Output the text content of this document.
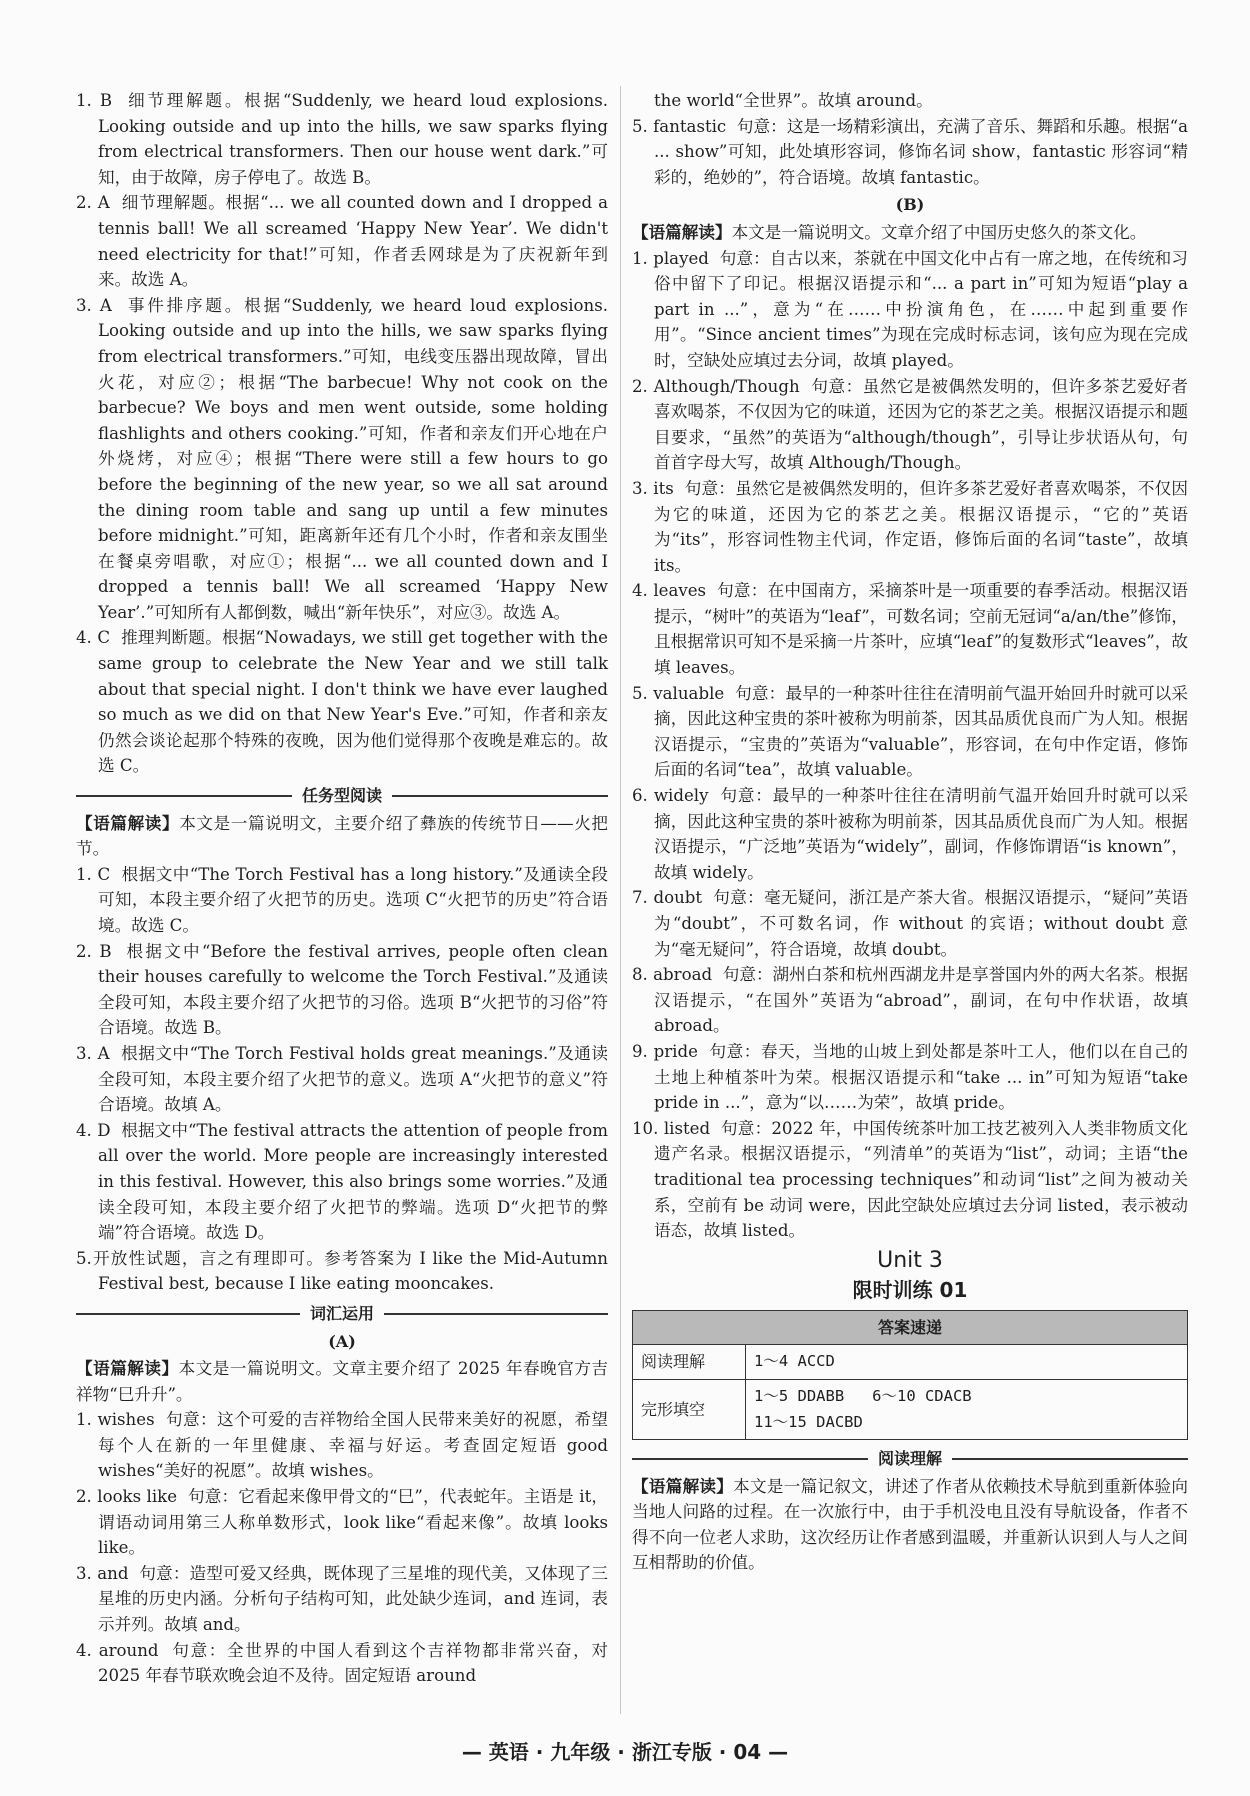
1. B 细节理解题。根据“Suddenly, we heard loud explosions. Looking outside and up into the hills, we saw sparks flying from electrical transformers. Then our house went dark.”可知，由于故障，房子停电了。故选 B。

2. A 细节理解题。根据“... we all counted down and I dropped a tennis ball! We all screamed ‘Happy New Year’. We didn't need electricity for that!”可知，作者丢网球是为了庆祝新年到来。故选 A。

3. A 事件排序题。根据“Suddenly, we heard loud explosions. Looking outside and up into the hills, we saw sparks flying from electrical transformers.”可知，电线变压器出现故障，冒出火花，对应②；根据“The barbecue! Why not cook on the barbecue? We boys and men went outside, some holding flashlights and others cooking.”可知，作者和亲友们开心地在户外烧烤，对应④；根据“There were still a few hours to go before the beginning of the new year, so we all sat around the dining room table and sang up until a few minutes before midnight.”可知，距离新年还有几个小时，作者和亲友围坐在餐桌旁唱歌，对应①；根据“... we all counted down and I dropped a tennis ball! We all screamed ‘Happy New Year’.”可知所有人都倒数，喊出“新年快乐”，对应③。故选 A。

4. C 推理判断题。根据“Nowadays, we still get together with the same group to celebrate the New Year and we still talk about that special night. I don't think we have ever laughed so much as we did on that New Year's Eve.”可知，作者和亲友仍然会谈论起那个特殊的夜晚，因为他们觉得那个夜晚是难忘的。故选 C。

任务型阅读

【语篇解读】本文是一篇说明文，主要介绍了彝族的传统节日——火把节。

1. C 根据文中“The Torch Festival has a long history.”及通读全段可知，本段主要介绍了火把节的历史。选项 C“火把节的历史”符合语境。故选 C。

2. B 根据文中“Before the festival arrives, people often clean their houses carefully to welcome the Torch Festival.”及通读全段可知，本段主要介绍了火把节的习俗。选项 B“火把节的习俗”符合语境。故选 B。

3. A 根据文中“The Torch Festival holds great meanings.”及通读全段可知，本段主要介绍了火把节的意义。选项 A“火把节的意义”符合语境。故填 A。

4. D 根据文中“The festival attracts the attention of people from all over the world. More people are increasingly interested in this festival. However, this also brings some worries.”及通读全段可知，本段主要介绍了火把节的弊端。选项 D“火把节的弊端”符合语境。故选 D。

5.开放性试题，言之有理即可。参考答案为 I like the Mid-Autumn Festival best, because I like eating mooncakes.

词汇运用
(A)

【语篇解读】本文是一篇说明文。文章主要介绍了 2025 年春晚官方吉祥物“巳升升”。

1. wishes 句意：这个可爱的吉祥物给全国人民带来美好的祝愿，希望每个人在新的一年里健康、幸福与好运。考查固定短语 good wishes“美好的祝愿”。故填 wishes。

2. looks like 句意：它看起来像甲骨文的“巳”，代表蛇年。主语是 it，谓语动词用第三人称单数形式，look like“看起来像”。故填 looks like。

3. and 句意：造型可爱又经典，既体现了三星堆的现代美，又体现了三星堆的历史内涵。分析句子结构可知，此处缺少连词，and 连词，表示并列。故填 and。

4. around 句意：全世界的中国人看到这个吉祥物都非常兴奋，对 2025 年春节联欢晚会迫不及待。固定短语 around

the world“全世界”。故填 around。

5. fantastic 句意：这是一场精彩演出，充满了音乐、舞蹈和乐趣。根据“a ... show”可知，此处填形容词，修饰名词 show，fantastic 形容词“精彩的，绝妙的”，符合语境。故填 fantastic。

(B)

【语篇解读】本文是一篇说明文。文章介绍了中国历史悠久的茶文化。

1. played 句意：自古以来，茶就在中国文化中占有一席之地，在传统和习俗中留下了印记。根据汉语提示和“... a part in”可知为短语“play a part in ...”，意为“在……中扮演角色，在……中起到重要作用”。“Since ancient times”为现在完成时标志词，该句应为现在完成时，空缺处应填过去分词，故填 played。

2. Although/Though 句意：虽然它是被偶然发明的，但许多茶艺爱好者喜欢喝茶，不仅因为它的味道，还因为它的茶艺之美。根据汉语提示和题目要求，“虽然”的英语为“although/though”，引导让步状语从句，句首首字母大写，故填 Although/Though。

3. its 句意：虽然它是被偶然发明的，但许多茶艺爱好者喜欢喝茶，不仅因为它的味道，还因为它的茶艺之美。根据汉语提示，“它的”英语为“its”，形容词性物主代词，作定语，修饰后面的名词“taste”，故填 its。

4. leaves 句意：在中国南方，采摘茶叶是一项重要的春季活动。根据汉语提示，“树叶”的英语为“leaf”，可数名词；空前无冠词“a/an/the”修饰，且根据常识可知不是采摘一片茶叶，应填“leaf”的复数形式“leaves”，故填 leaves。

5. valuable 句意：最早的一种茶叶往往在清明前气温开始回升时就可以采摘，因此这种宝贵的茶叶被称为明前茶，因其品质优良而广为人知。根据汉语提示，“宝贵的”英语为“valuable”，形容词，在句中作定语，修饰后面的名词“tea”，故填 valuable。

6. widely 句意：最早的一种茶叶往往在清明前气温开始回升时就可以采摘，因此这种宝贵的茶叶被称为明前茶，因其品质优良而广为人知。根据汉语提示，“广泛地”英语为“widely”，副词，作修饰谓语“is known”，故填 widely。

7. doubt 句意：毫无疑问，浙江是产茶大省。根据汉语提示，“疑问”英语为“doubt”，不可数名词，作 without 的宾语；without doubt 意为“毫无疑问”，符合语境，故填 doubt。

8. abroad 句意：湖州白茶和杭州西湖龙井是享誉国内外的两大名茶。根据汉语提示，“在国外”英语为“abroad”，副词，在句中作状语，故填 abroad。

9. pride 句意：春天，当地的山坡上到处都是茶叶工人，他们以在自己的土地上种植茶叶为荣。根据汉语提示和“take ... in”可知为短语“take pride in ...”，意为“以……为荣”，故填 pride。

10. listed 句意：2022 年，中国传统茶叶加工技艺被列入人类非物质文化遗产名录。根据汉语提示，“列清单”的英语为“list”，动词；主语“the traditional tea processing techniques”和动词“list”之间为被动关系，空前有 be 动词 were，因此空缺处应填过去分词 listed，表示被动语态，故填 listed。

Unit 3
限时训练 01
答案速递	
阅读理解	1～4 ACCD
完形填空	1～5 DDABB   6～10 CDACB
11～15 DACBD
阅读理解

【语篇解读】本文是一篇记叙文，讲述了作者从依赖技术导航到重新体验向当地人问路的过程。在一次旅行中，由于手机没电且没有导航设备，作者不得不向一位老人求助，这次经历让作者感到温暖，并重新认识到人与人之间互相帮助的价值。

— 英语 · 九年级 · 浙江专版 · 04 —
